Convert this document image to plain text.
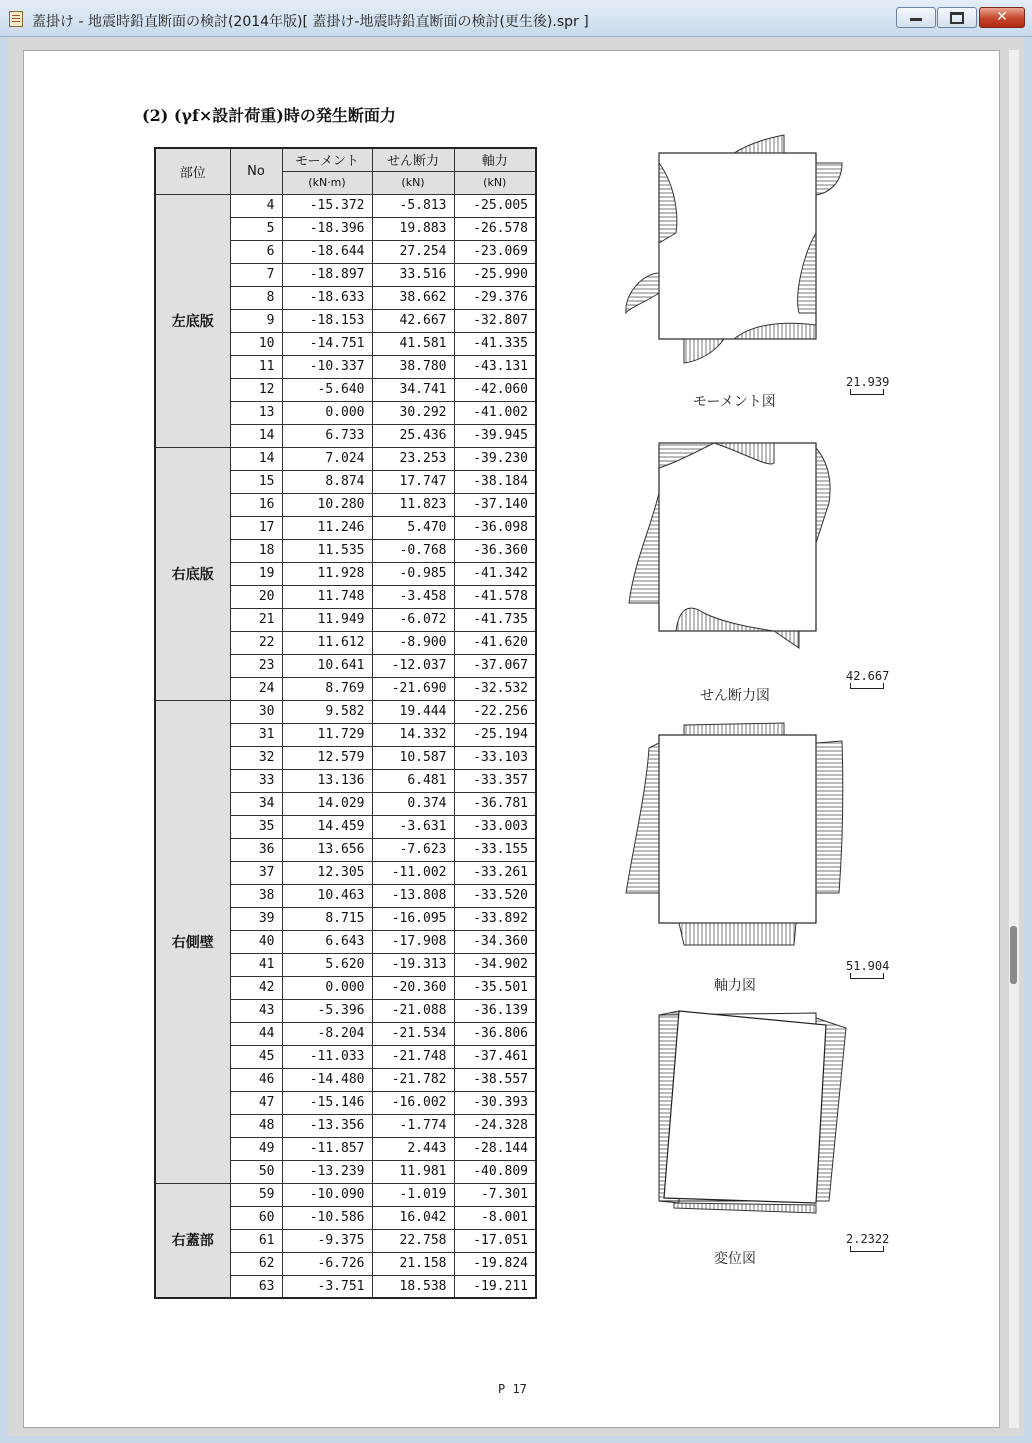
蓋掛け - 地震時鉛直断面の検討(2014年版)[ 蓋掛け-地震時鉛直断面の検討(更生後).spr ]	✕
(2) (γf×設計荷重)時の発生断面力
部位	No	モーメント	せん断力	軸力
		(kN·m)	(kN)	(kN)
左底版	4	-15.372	-5.813	-25.005
	5	-18.396	19.883	-26.578
	6	-18.644	27.254	-23.069
	7	-18.897	33.516	-25.990
	8	-18.633	38.662	-29.376
	9	-18.153	42.667	-32.807
	10	-14.751	41.581	-41.335
	11	-10.337	38.780	-43.131
	12	-5.640	34.741	-42.060
	13	0.000	30.292	-41.002
	14	6.733	25.436	-39.945
右底版	14	7.024	23.253	-39.230
	15	8.874	17.747	-38.184
	16	10.280	11.823	-37.140
	17	11.246	5.470	-36.098
	18	11.535	-0.768	-36.360
	19	11.928	-0.985	-41.342
	20	11.748	-3.458	-41.578
	21	11.949	-6.072	-41.735
	22	11.612	-8.900	-41.620
	23	10.641	-12.037	-37.067
	24	8.769	-21.690	-32.532
右側壁	30	9.582	19.444	-22.256
	31	11.729	14.332	-25.194
	32	12.579	10.587	-33.103
	33	13.136	6.481	-33.357
	34	14.029	0.374	-36.781
	35	14.459	-3.631	-33.003
	36	13.656	-7.623	-33.155
	37	12.305	-11.002	-33.261
	38	10.463	-13.808	-33.520
	39	8.715	-16.095	-33.892
	40	6.643	-17.908	-34.360
	41	5.620	-19.313	-34.902
	42	0.000	-20.360	-35.501
	43	-5.396	-21.088	-36.139
	44	-8.204	-21.534	-36.806
	45	-11.033	-21.748	-37.461
	46	-14.480	-21.782	-38.557
	47	-15.146	-16.002	-30.393
	48	-13.356	-1.774	-24.328
	49	-11.857	2.443	-28.144
	50	-13.239	11.981	-40.809
右蓋部	59	-10.090	-1.019	-7.301
	60	-10.586	16.042	-8.001
	61	-9.375	22.758	-17.051
	62	-6.726	21.158	-19.824
	63	-3.751	18.538	-19.211
モーメント図
21.939
せん断力図
42.667
軸力図
51.904
変位図
2.2322
P 17
